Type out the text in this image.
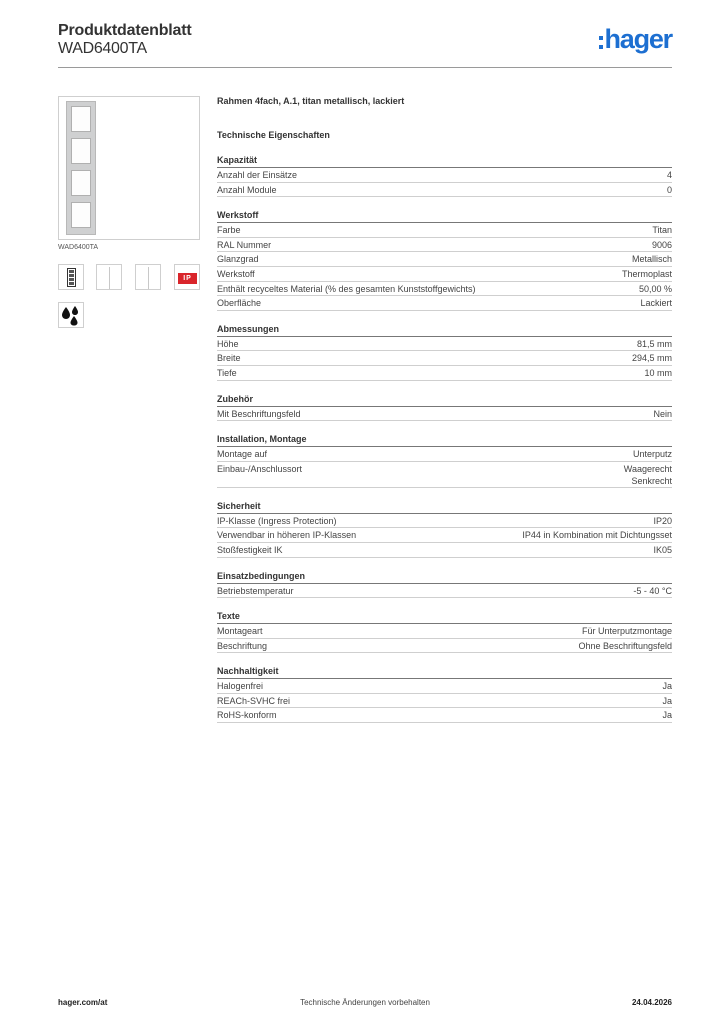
Produktdatenblatt
WAD6400TA	hager
WAD6400TA
IP
Rahmen 4fach, A.1, titan metallisch, lackiert
Technische Eigenschaften
Kapazität
Anzahl der Einsätze	4
Anzahl Module	0
Werkstoff
Farbe	Titan
RAL Nummer	9006
Glanzgrad	Metallisch
Werkstoff	Thermoplast
Enthält recyceltes Material (% des gesamten Kunststoffgewichts)	50,00 %
Oberfläche	Lackiert
Abmessungen
Höhe	81,5 mm
Breite	294,5 mm
Tiefe	10 mm
Zubehör
Mit Beschriftungsfeld	Nein
Installation, Montage
Montage auf	Unterputz
Einbau-/Anschlussort	Waagerecht
Senkrecht
Sicherheit
IP-Klasse (Ingress Protection)	IP20
Verwendbar in höheren IP-Klassen	IP44 in Kombination mit Dichtungsset
Stoßfestigkeit IK	IK05
Einsatzbedingungen
Betriebstemperatur	-5 - 40 °C
Texte
Montageart	Für Unterputzmontage
Beschriftung	Ohne Beschriftungsfeld
Nachhaltigkeit
Halogenfrei	Ja
REACh-SVHC frei	Ja
RoHS-konform	Ja
hager.com/at	Technische Änderungen vorbehalten	24.04.2026
